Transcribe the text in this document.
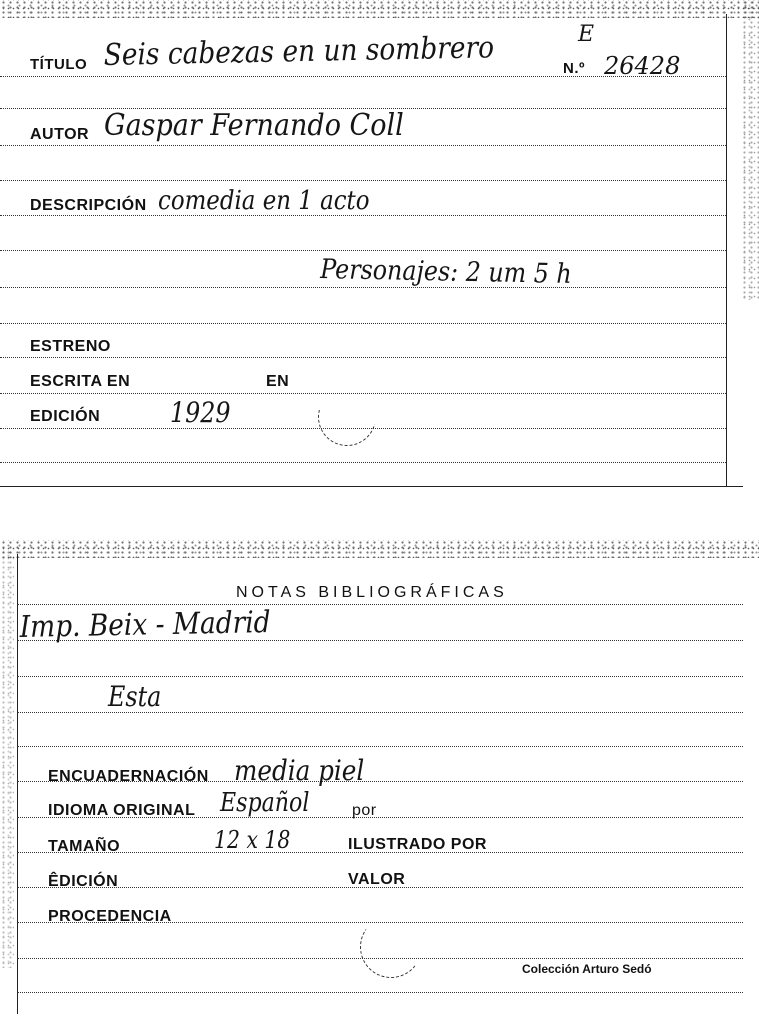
TÍTULO Seis cabezas en un sombrero	N.º
E
26428
AUTOR Gaspar Fernando Coll
DESCRIPCIÓN comedia en 1 acto
Personajes: 2 um 5 h
ESTRENO
ESCRITA EN	EN
EDICIÓN 1929
NOTAS BIBLIOGRÁFICAS
Imp. Beix - Madrid
Esta
ENCUADERNACIÓN media piel
IDIOMA ORIGINAL Español	por
TAMAÑO	12 x 18	ILUSTRADO POR
ÊDICIÓN	VALOR
PROCEDENCIA
Colección Arturo Sedó
